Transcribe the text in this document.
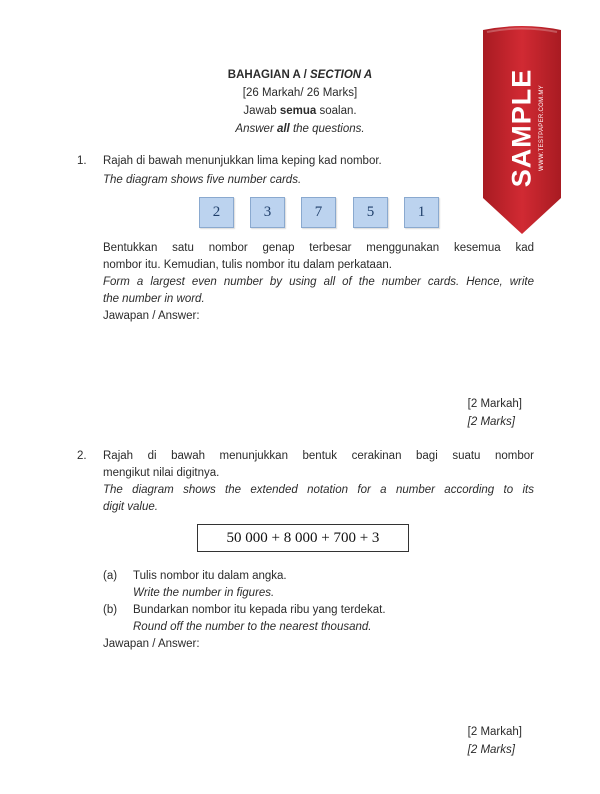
BAHAGIAN A / SECTION A
[26 Markah/ 26 Marks]
Jawab semua soalan.
Answer all the questions.
1. Rajah di bawah menunjukkan lima keping kad nombor.
The diagram shows five number cards.
2	3	7	5	1
Bentukkan satu nombor genap terbesar menggunakan kesemua kad
nombor itu. Kemudian, tulis nombor itu dalam perkataan.
Form a largest even number by using all of the number cards. Hence, write
the number in word.
Jawapan / Answer:
[2 Markah]
[2 Marks]
2. Rajah di bawah menunjukkan bentuk cerakinan bagi suatu nombor
mengikut nilai digitnya.
The diagram shows the extended notation for a number according to its
digit value.
50 000 + 8 000 + 700 + 3
(a) Tulis nombor itu dalam angka.
Write the number in figures.
(b) Bundarkan nombor itu kepada ribu yang terdekat.
Round off the number to the nearest thousand.
Jawapan / Answer:
[2 Markah]
[2 Marks]
SAMPLE WWW.TESTPAPER.COM.MY
